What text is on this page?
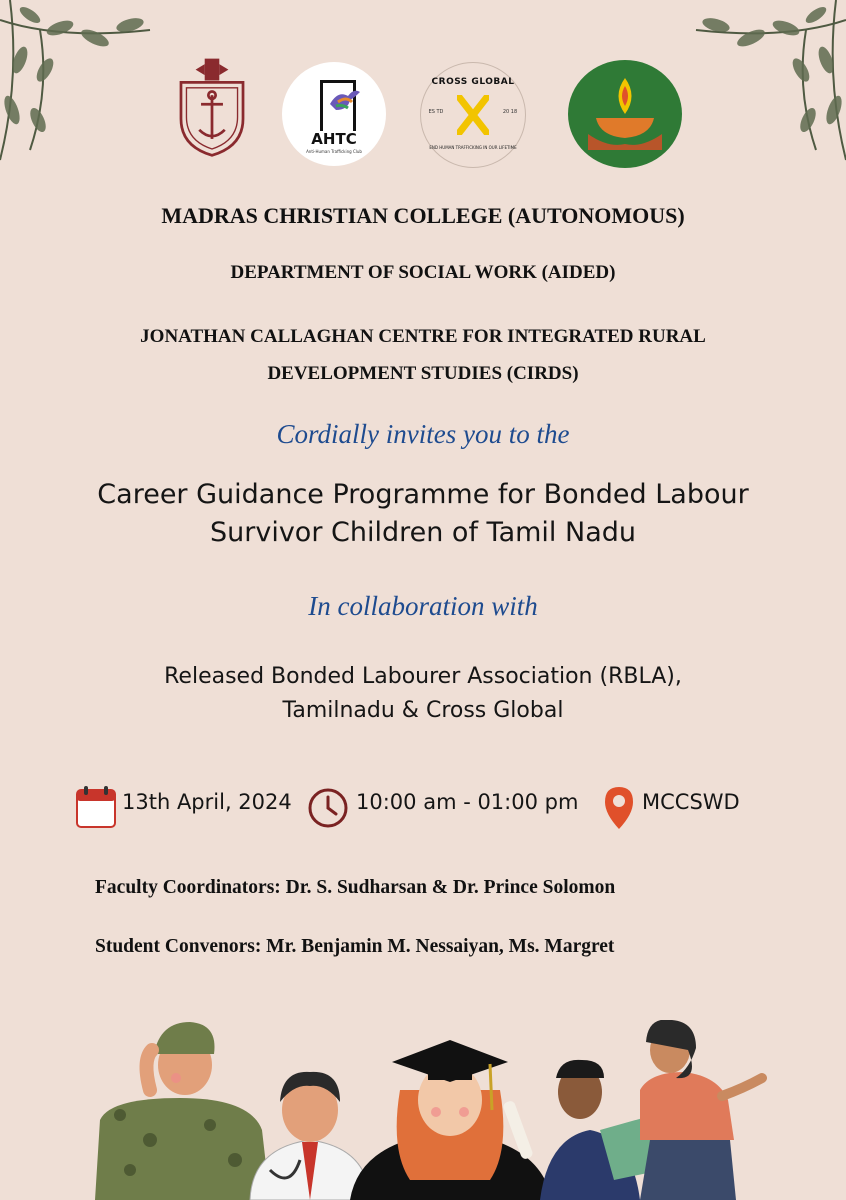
AHTC
Anti-Human Trafficking Club
CROSS GLOBAL
ES TD	20 18
END HUMAN TRAFFICKING IN OUR LIFETIME
MADRAS CHRISTIAN COLLEGE (AUTONOMOUS)
DEPARTMENT OF SOCIAL WORK (AIDED)
JONATHAN CALLAGHAN CENTRE FOR INTEGRATED RURAL
DEVELOPMENT STUDIES (CIRDS)
Cordially invites you to the
Career Guidance Programme for Bonded Labour
Survivor Children of Tamil Nadu
In collaboration with
Released Bonded Labourer Association (RBLA),
Tamilnadu & Cross Global
13th April, 2024	10:00 am - 01:00 pm	MCCSWD
Faculty Coordinators: Dr. S. Sudharsan & Dr. Prince Solomon
Student Convenors: Mr. Benjamin M. Nessaiyan, Ms. Margret
